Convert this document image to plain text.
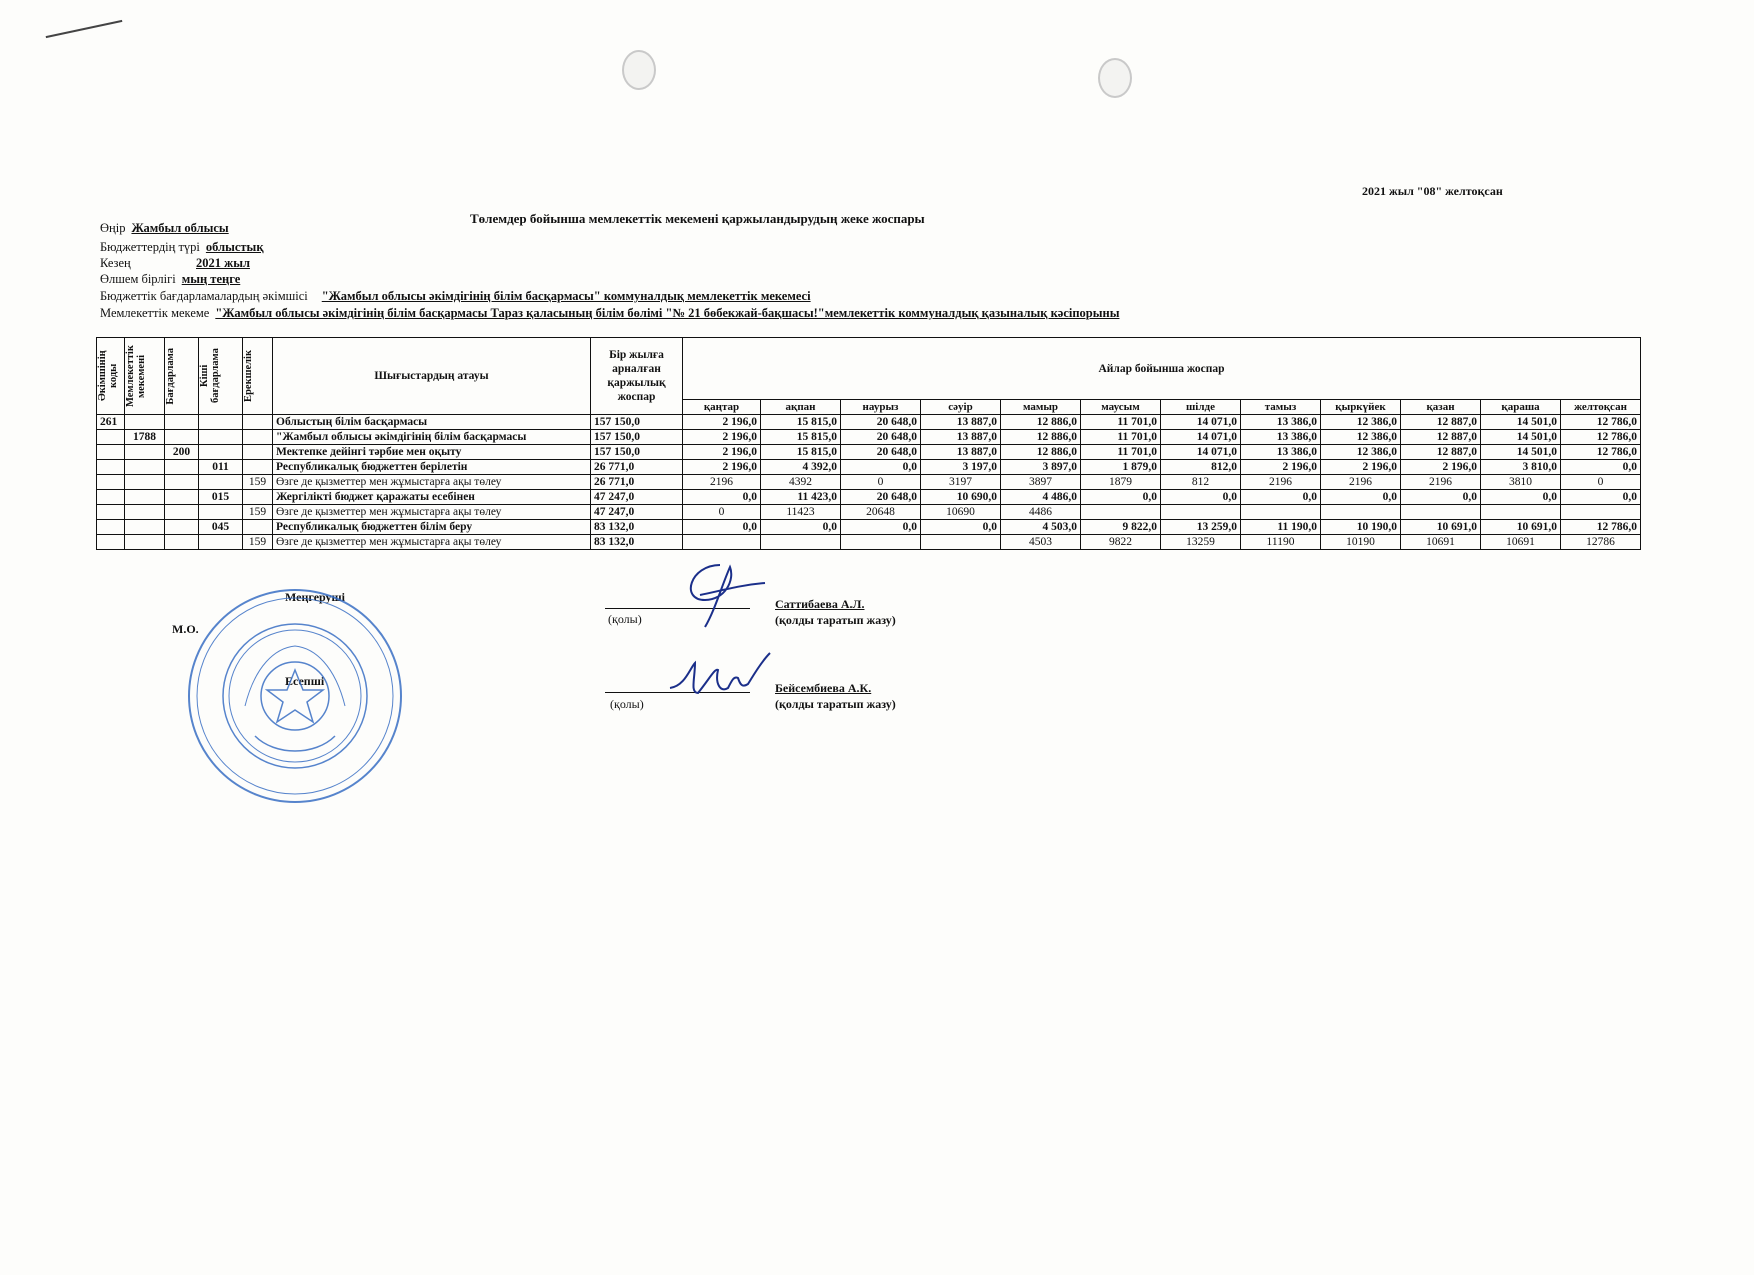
2021 жыл "08" желтоқсан
Төлемдер бойынша мемлекеттік мекемені қаржыландырудың жеке жоспары
Өңір Жамбыл облысы
Бюджеттердің түрі облыстық
Кезең	2021 жыл
Өлшем бірлігі мың теңге
Бюджеттік бағдарламалардың әкімшісі "Жамбыл облысы әкімдігінің білім басқармасы" коммуналдық мемлекеттік мекемесі
Мемлекеттік мекеме "Жамбыл облысы әкімдігінің білім басқармасы Тараз қаласының білім бөлімі "№ 21 бөбекжай-бақшасы!"мемлекеттік коммуналдық қазыналық кәсіпорыны
Әкімшінің коды	Мемлекеттік мекемені	Бағдарлама	Кіші бағдарлама	Ерекшелік	Шығыстардың атауы	Бір жылға арналған қаржылық жоспар	Айлар бойынша жоспар											
							қаңтар	ақпан	наурыз	сәуір	мамыр	маусым	шілде	тамыз	қыркүйек	қазан	қараша	желтоқсан
261					Облыстың білім басқармасы	157 150,0	2 196,0	15 815,0	20 648,0	13 887,0	12 886,0	11 701,0	14 071,0	13 386,0	12 386,0	12 887,0	14 501,0	12 786,0
	1788				"Жамбыл облысы әкімдігінің білім басқармасы	157 150,0	2 196,0	15 815,0	20 648,0	13 887,0	12 886,0	11 701,0	14 071,0	13 386,0	12 386,0	12 887,0	14 501,0	12 786,0
		200			Мектепке дейінгі тәрбие мен оқыту	157 150,0	2 196,0	15 815,0	20 648,0	13 887,0	12 886,0	11 701,0	14 071,0	13 386,0	12 386,0	12 887,0	14 501,0	12 786,0
			011		Республикалық бюджеттен берілетін	26 771,0	2 196,0	4 392,0	0,0	3 197,0	3 897,0	1 879,0	812,0	2 196,0	2 196,0	2 196,0	3 810,0	0,0
				159	Өзге де қызметтер мен жұмыстарға ақы төлеу	26 771,0	2196	4392	0	3197	3897	1879	812	2196	2196	2196	3810	0
			015		Жергілікті бюджет қаражаты есебінен	47 247,0	0,0	11 423,0	20 648,0	10 690,0	4 486,0	0,0	0,0	0,0	0,0	0,0	0,0	0,0
				159	Өзге де қызметтер мен жұмыстарға ақы төлеу	47 247,0	0	11423	20648	10690	4486							
			045		Республикалық бюджеттен білім беру	83 132,0	0,0	0,0	0,0	0,0	4 503,0	9 822,0	13 259,0	11 190,0	10 190,0	10 691,0	10 691,0	12 786,0
				159	Өзге де қызметтер мен жұмыстарға ақы төлеу	83 132,0					4503	9822	13259	11190	10190	10691	10691	12786
Меңгеруші
М.О.
Есепші
(қолы)
Саттибаева А.Л.
(қолды таратып жазу)
(қолы)
Бейсембиева А.К.
(қолды таратып жазу)
